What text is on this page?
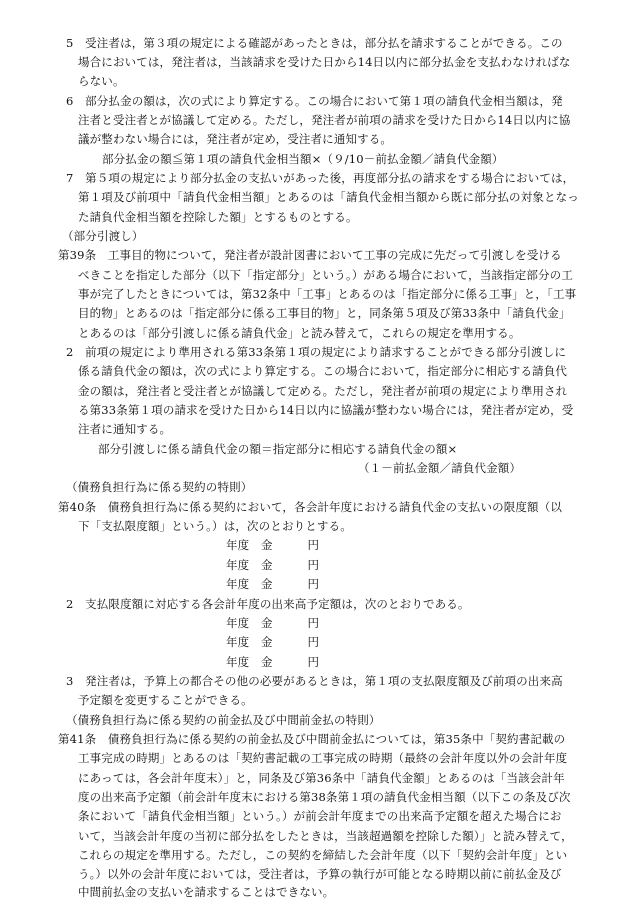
5　受注者は，第３項の規定による確認があったときは，部分払を請求することができる。この
場合においては，発注者は，当該請求を受けた日から14日以内に部分払金を支払わなければな
らない。
6　部分払金の額は，次の式により算定する。この場合において第１項の請負代金相当額は，発
注者と受注者とが協議して定める。ただし，発注者が前項の請求を受けた日から14日以内に協
議が整わない場合には，発注者が定め，受注者に通知する。
部分払金の額≦第１項の請負代金相当額×（９/10－前払金額／請負代金額）
7　第５項の規定により部分払金の支払いがあった後，再度部分払の請求をする場合においては，
第１項及び前項中「請負代金相当額」とあるのは「請負代金相当額から既に部分払の対象となっ
た請負代金相当額を控除した額」とするものとする。
（部分引渡し）
第39条　工事目的物について，発注者が設計図書において工事の完成に先だって引渡しを受ける
べきことを指定した部分（以下「指定部分」という。）がある場合において，当該指定部分の工
事が完了したときについては，第32条中「工事」とあるのは「指定部分に係る工事」と，「工事
目的物」とあるのは「指定部分に係る工事目的物」と，同条第５項及び第33条中「請負代金」
とあるのは「部分引渡しに係る請負代金」と読み替えて，これらの規定を準用する。
2　前項の規定により準用される第33条第１項の規定により請求することができる部分引渡しに
係る請負代金の額は，次の式により算定する。この場合において，指定部分に相応する請負代
金の額は，発注者と受注者とが協議して定める。ただし，発注者が前項の規定により準用され
る第33条第１項の請求を受けた日から14日以内に協議が整わない場合には，発注者が定め，受
注者に通知する。
部分引渡しに係る請負代金の額＝指定部分に相応する請負代金の額×
（１－前払金額／請負代金額）
（債務負担行為に係る契約の特則）
第40条　債務負担行為に係る契約において，各会計年度における請負代金の支払いの限度額（以
下「支払限度額」という。）は，次のとおりとする。
年度　金　　　円
年度　金　　　円
年度　金　　　円
2　支払限度額に対応する各会計年度の出来高予定額は，次のとおりである。
年度　金　　　円
年度　金　　　円
年度　金　　　円
3　発注者は，予算上の都合その他の必要があるときは，第１項の支払限度額及び前項の出来高
予定額を変更することができる。
（債務負担行為に係る契約の前金払及び中間前金払の特則）
第41条　債務負担行為に係る契約の前金払及び中間前金払については，第35条中「契約書記載の
工事完成の時期」とあるのは「契約書記載の工事完成の時期（最終の会計年度以外の会計年度
にあっては，各会計年度末）」と，同条及び第36条中「請負代金額」とあるのは「当該会計年
度の出来高予定額（前会計年度末における第38条第１項の請負代金相当額（以下この条及び次
条において「請負代金相当額」という。）が前会計年度までの出来高予定額を超えた場合にお
いて，当該会計年度の当初に部分払をしたときは，当該超過額を控除した額）」と読み替えて，
これらの規定を準用する。ただし，この契約を締結した会計年度（以下「契約会計年度」とい
う。）以外の会計年度においては，受注者は，予算の執行が可能となる時期以前に前払金及び
中間前払金の支払いを請求することはできない。
